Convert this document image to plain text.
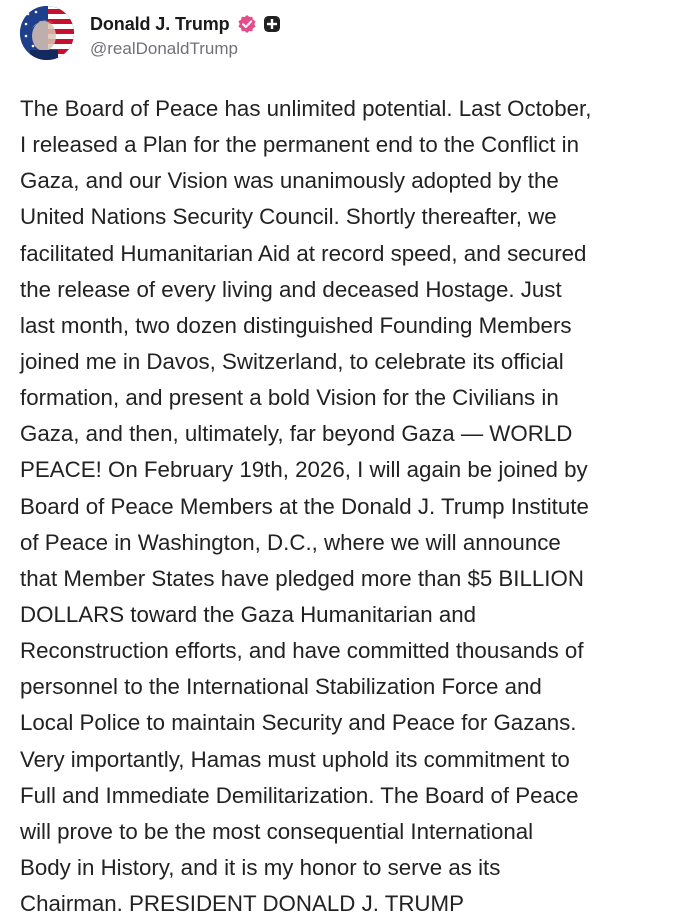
Donald J. Trump
@realDonaldTrump
The Board of Peace has unlimited potential. Last October,
I released a Plan for the permanent end to the Conflict in
Gaza, and our Vision was unanimously adopted by the
United Nations Security Council. Shortly thereafter, we
facilitated Humanitarian Aid at record speed, and secured
the release of every living and deceased Hostage. Just
last month, two dozen distinguished Founding Members
joined me in Davos, Switzerland, to celebrate its official
formation, and present a bold Vision for the Civilians in
Gaza, and then, ultimately, far beyond Gaza — WORLD
PEACE! On February 19th, 2026, I will again be joined by
Board of Peace Members at the Donald J. Trump Institute
of Peace in Washington, D.C., where we will announce
that Member States have pledged more than $5 BILLION
DOLLARS toward the Gaza Humanitarian and
Reconstruction efforts, and have committed thousands of
personnel to the International Stabilization Force and
Local Police to maintain Security and Peace for Gazans.
Very importantly, Hamas must uphold its commitment to
Full and Immediate Demilitarization. The Board of Peace
will prove to be the most consequential International
Body in History, and it is my honor to serve as its
Chairman. PRESIDENT DONALD J. TRUMP
